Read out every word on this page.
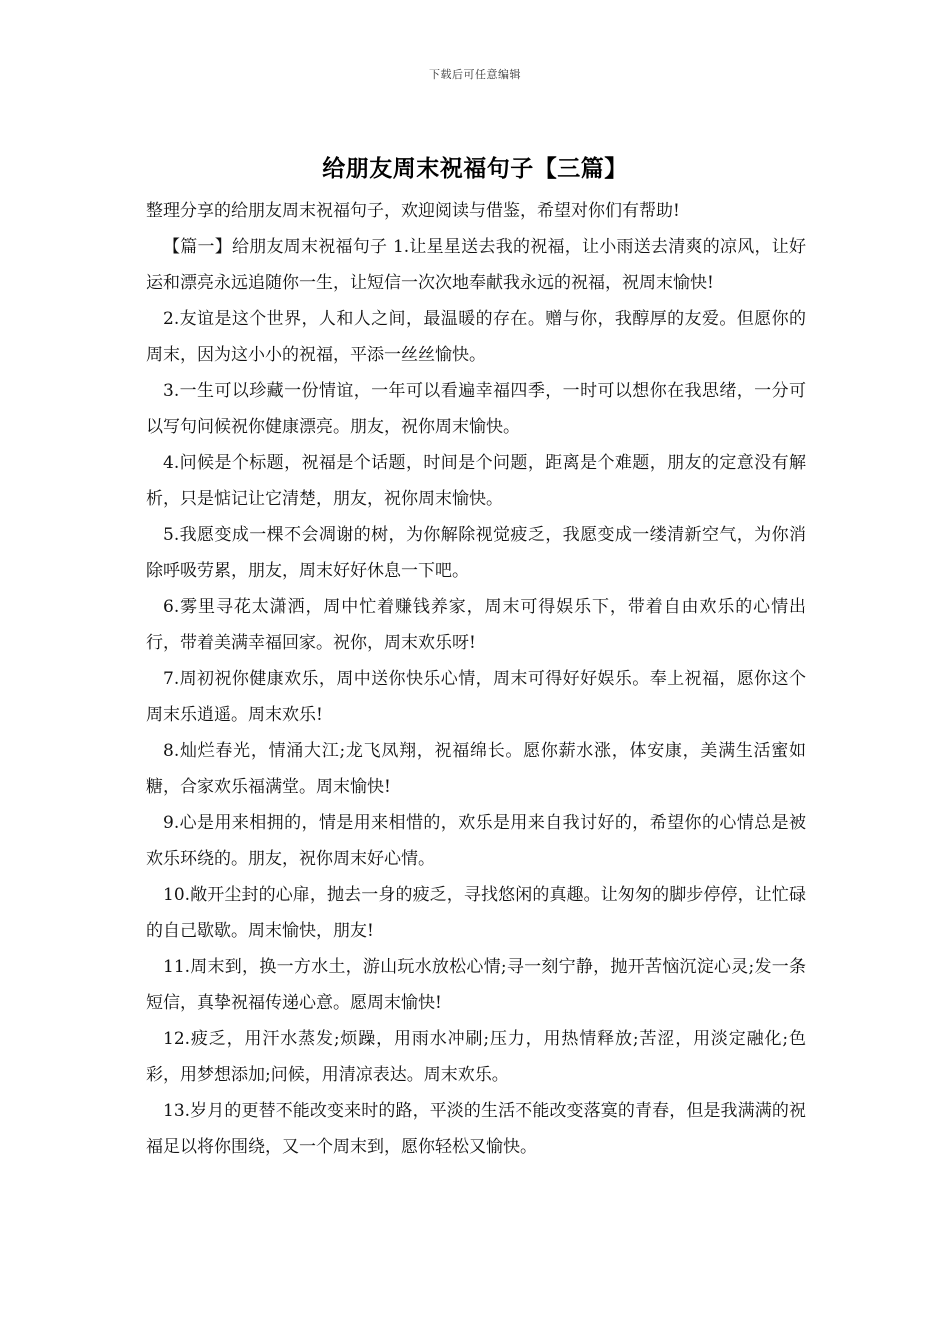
下载后可任意编辑
给朋友周末祝福句子【三篇】

整理分享的给朋友周末祝福句子，欢迎阅读与借鉴，希望对你们有帮助!

【篇一】给朋友周末祝福句子 1.让星星送去我的祝福，让小雨送去清爽的凉风，让好运和漂亮永远追随你一生，让短信一次次地奉献我永远的祝福，祝周末愉快!

2.友谊是这个世界，人和人之间，最温暖的存在。赠与你，我醇厚的友爱。但愿你的周末，因为这小小的祝福，平添一丝丝愉快。

3.一生可以珍藏一份情谊，一年可以看遍幸福四季，一时可以想你在我思绪，一分可以写句问候祝你健康漂亮。朋友，祝你周末愉快。

4.问候是个标题，祝福是个话题，时间是个问题，距离是个难题，朋友的定意没有解析，只是惦记让它清楚，朋友，祝你周末愉快。

5.我愿变成一棵不会凋谢的树，为你解除视觉疲乏，我愿变成一缕清新空气，为你消除呼吸劳累，朋友，周末好好休息一下吧。

6.雾里寻花太潇洒，周中忙着赚钱养家，周末可得娱乐下，带着自由欢乐的心情出行，带着美满幸福回家。祝你，周末欢乐呀!

7.周初祝你健康欢乐，周中送你快乐心情，周末可得好好娱乐。奉上祝福，愿你这个周末乐逍遥。周末欢乐!

8.灿烂春光，情涌大江;龙飞凤翔，祝福绵长。愿你薪水涨，体安康，美满生活蜜如糖，合家欢乐福满堂。周末愉快!

9.心是用来相拥的，情是用来相惜的，欢乐是用来自我讨好的，希望你的心情总是被欢乐环绕的。朋友，祝你周末好心情。

10.敞开尘封的心扉，抛去一身的疲乏，寻找悠闲的真趣。让匆匆的脚步停停，让忙碌的自己歇歇。周末愉快，朋友!

11.周末到，换一方水土，游山玩水放松心情;寻一刻宁静，抛开苦恼沉淀心灵;发一条短信，真挚祝福传递心意。愿周末愉快!

12.疲乏，用汗水蒸发;烦躁，用雨水冲刷;压力，用热情释放;苦涩，用淡定融化;色彩，用梦想添加;问候，用清凉表达。周末欢乐。

13.岁月的更替不能改变来时的路，平淡的生活不能改变落寞的青春，但是我满满的祝福足以将你围绕，又一个周末到，愿你轻松又愉快。
